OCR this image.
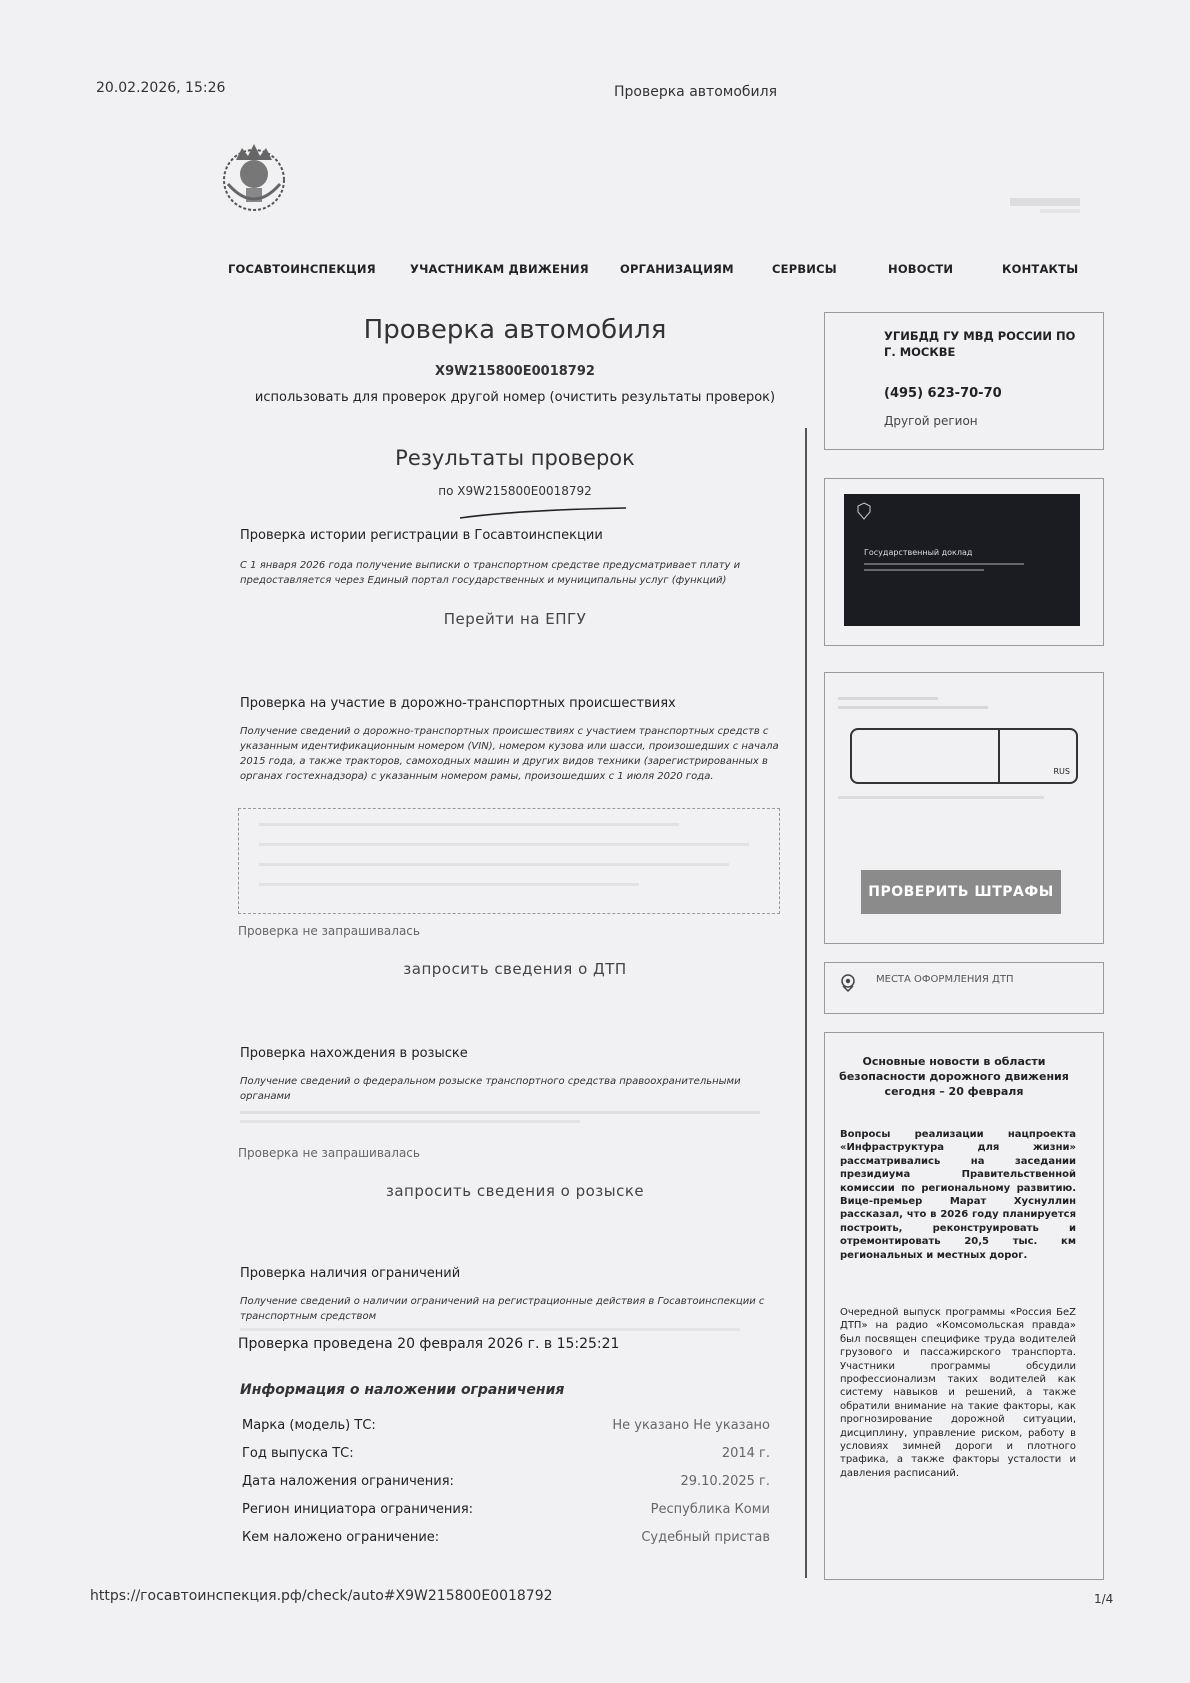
20.02.2026, 15:26	Проверка автомобиля
ГОСАВТОИНСПЕКЦИЯ	УЧАСТНИКАМ ДВИЖЕНИЯ	ОРГАНИЗАЦИЯМ	СЕРВИСЫ	НОВОСТИ	КОНТАКТЫ
Проверка автомобиля
X9W215800E0018792
использовать для проверок другой номер (очистить результаты проверок)
Результаты проверок
по X9W215800E0018792
Проверка истории регистрации в Госавтоинспекции
С 1 января 2026 года получение выписки о транспортном средстве предусматривает плату и предоставляется через Единый портал государственных и муниципальны услуг (функций)
Перейти на ЕПГУ
Проверка на участие в дорожно-транспортных происшествиях
Получение сведений о дорожно-транспортных происшествиях с участием транспортных средств с указанным идентификационным номером (VIN), номером кузова или шасси, произошедших с начала 2015 года, а также тракторов, самоходных машин и других видов техники (зарегистрированных в органах гостехнадзора) с указанным номером рамы, произошедших с 1 июля 2020 года.
Проверка не запрашивалась
запросить сведения о ДТП
Проверка нахождения в розыске
Получение сведений о федеральном розыске транспортного средства правоохранительными органами
Проверка не запрашивалась
запросить сведения о розыске
Проверка наличия ограничений
Получение сведений о наличии ограничений на регистрационные действия в Госавтоинспекции с транспортным средством
Проверка проведена 20 февраля 2026 г. в 15:25:21
Информация о наложении ограничения
Марка (модель) ТС:	Не указано Не указано
Год выпуска ТС:	2014 г.
Дата наложения ограничения:	29.10.2025 г.
Регион инициатора ограничения:	Республика Коми
Кем наложено ограничение:	Судебный пристав
УГИБДД ГУ МВД РОССИИ ПО Г. МОСКВЕ
(495) 623-70-70
Другой регион
Государственный доклад
RUS
ПРОВЕРИТЬ ШТРАФЫ
МЕСТА ОФОРМЛЕНИЯ ДТП
Основные новости в области безопасности дорожного движения сегодня – 20 февраля
Вопросы реализации нацпроекта «Инфраструктура для жизни» рассматривались на заседании президиума Правительственной комиссии по региональному развитию. Вице-премьер Марат Хуснуллин рассказал, что в 2026 году планируется построить, реконструировать и отремонтировать 20,5 тыс. км региональных и местных дорог.
Очередной выпуск программы «Россия БеZ ДТП» на радио «Комсомольская правда» был посвящен специфике труда водителей грузового и пассажирского транспорта. Участники программы обсудили профессионализм таких водителей как систему навыков и решений, а также обратили внимание на такие факторы, как прогнозирование дорожной ситуации, дисциплину, управление риском, работу в условиях зимней дороги и плотного трафика, а также факторы усталости и давления расписаний.
https://госавтоинспекция.рф/check/auto#X9W215800E0018792	1/4
